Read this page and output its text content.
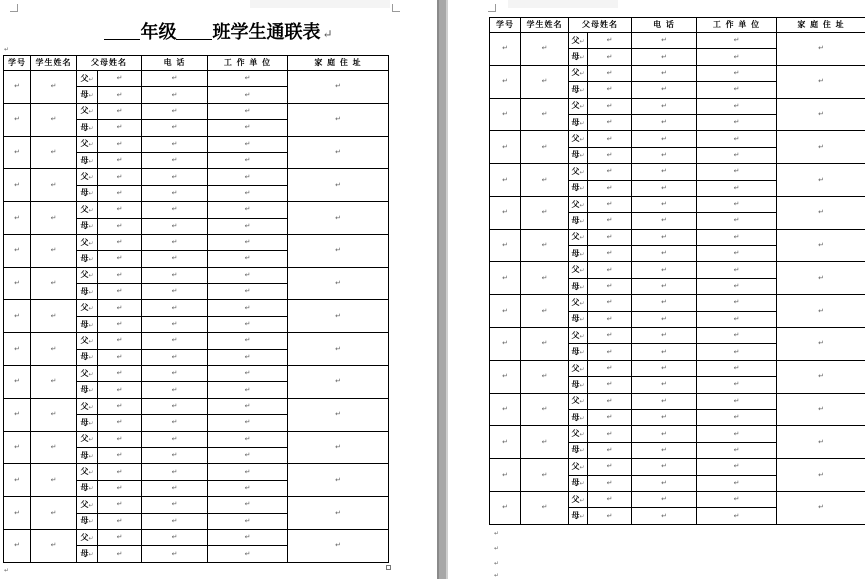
年级 班学生通联表 ↵
↵
↵
学号	学生姓名	父母姓名		电 话	工 作 单 位	家 庭 住 址
↵	↵	父↵	↵	↵	↵	↵
		母↵	↵	↵	↵	
↵	↵	父↵	↵	↵	↵	↵
		母↵	↵	↵	↵	
↵	↵	父↵	↵	↵	↵	↵
		母↵	↵	↵	↵	
↵	↵	父↵	↵	↵	↵	↵
		母↵	↵	↵	↵	
↵	↵	父↵	↵	↵	↵	↵
		母↵	↵	↵	↵	
↵	↵	父↵	↵	↵	↵	↵
		母↵	↵	↵	↵	
↵	↵	父↵	↵	↵	↵	↵
		母↵	↵	↵	↵	
↵	↵	父↵	↵	↵	↵	↵
		母↵	↵	↵	↵	
↵	↵	父↵	↵	↵	↵	↵
		母↵	↵	↵	↵	
↵	↵	父↵	↵	↵	↵	↵
		母↵	↵	↵	↵	
↵	↵	父↵	↵	↵	↵	↵
		母↵	↵	↵	↵	
↵	↵	父↵	↵	↵	↵	↵
		母↵	↵	↵	↵	
↵	↵	父↵	↵	↵	↵	↵
		母↵	↵	↵	↵	
↵	↵	父↵	↵	↵	↵	↵
		母↵	↵	↵	↵	
↵	↵	父↵	↵	↵	↵	↵
		母↵	↵	↵	↵	
↵
↵
↵
↵
学号	学生姓名	父母姓名		电 话	工 作 单 位	家 庭 住 址
↵	↵	父↵	↵	↵	↵	↵
		母↵	↵	↵	↵	
↵	↵	父↵	↵	↵	↵	↵
		母↵	↵	↵	↵	
↵	↵	父↵	↵	↵	↵	↵
		母↵	↵	↵	↵	
↵	↵	父↵	↵	↵	↵	↵
		母↵	↵	↵	↵	
↵	↵	父↵	↵	↵	↵	↵
		母↵	↵	↵	↵	
↵	↵	父↵	↵	↵	↵	↵
		母↵	↵	↵	↵	
↵	↵	父↵	↵	↵	↵	↵
		母↵	↵	↵	↵	
↵	↵	父↵	↵	↵	↵	↵
		母↵	↵	↵	↵	
↵	↵	父↵	↵	↵	↵	↵
		母↵	↵	↵	↵	
↵	↵	父↵	↵	↵	↵	↵
		母↵	↵	↵	↵	
↵	↵	父↵	↵	↵	↵	↵
		母↵	↵	↵	↵	
↵	↵	父↵	↵	↵	↵	↵
		母↵	↵	↵	↵	
↵	↵	父↵	↵	↵	↵	↵
		母↵	↵	↵	↵	
↵	↵	父↵	↵	↵	↵	↵
		母↵	↵	↵	↵	
↵	↵	父↵	↵	↵	↵	↵
		母↵	↵	↵	↵	
